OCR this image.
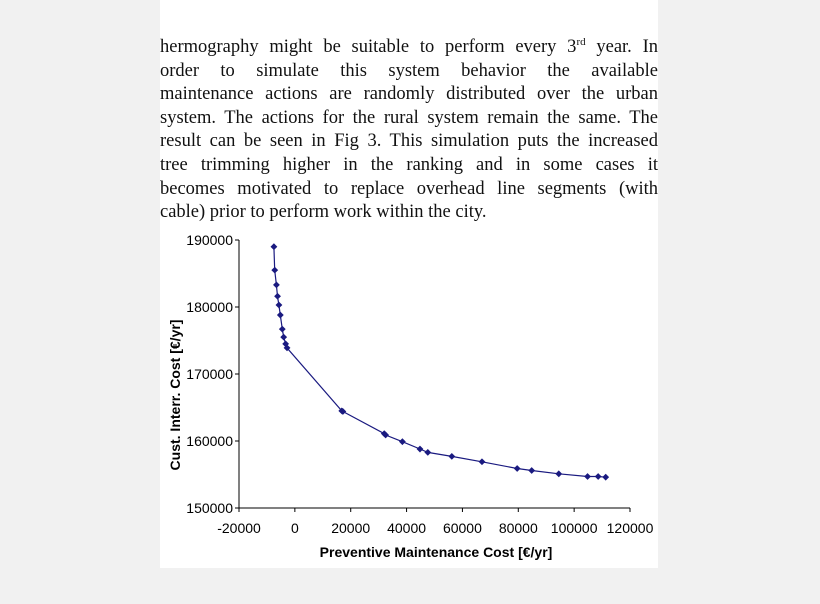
hermography might be suitable to perform every 3rd year. In
order to simulate this system behavior the available
maintenance actions are randomly distributed over the urban
system. The actions for the rural system remain the same. The
result can be seen in Fig 3. This simulation puts the increased
tree trimming higher in the ranking and in some cases it
becomes motivated to replace overhead line segments (with
cable) prior to perform work within the city.
150000
160000
170000
180000
190000
-20000 0 20000 40000 60000 80000 100000 120000
Cust. Interr. Cost [€/yr]
Preventive Maintenance Cost [€/yr]
